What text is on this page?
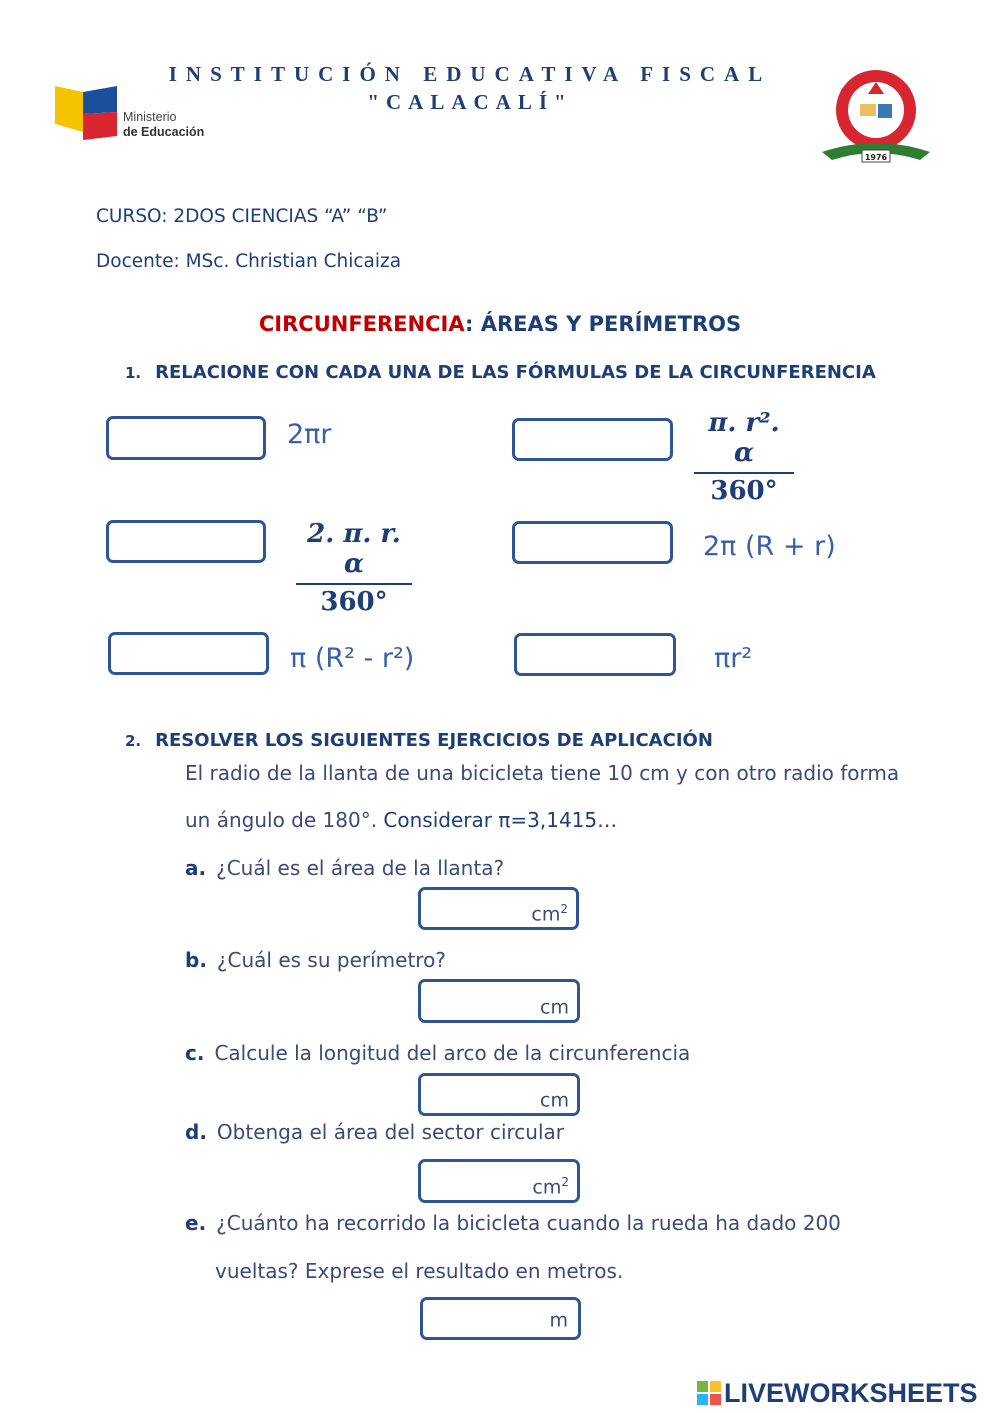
INSTITUCIÓN EDUCATIVA FISCAL
"CALACALÍ"
Ministerio
de Educación
1976
CURSO: 2DOS CIENCIAS “A” “B”
Docente: MSc. Christian Chicaiza
CIRCUNFERENCIA: ÁREAS Y PERÍMETROS
1. RELACIONE CON CADA UNA DE LAS FÓRMULAS DE LA CIRCUNFERENCIA
2πr	$\frac{\text{π. r². α}}{360^\circ}$
$\frac{2. \pi. r. \alpha}{360^\circ}$	2π (R + r)
π (R² - r²)	πr²
2. RESOLVER LOS SIGUIENTES EJERCICIOS DE APLICACIÓN
El radio de la llanta de una bicicleta tiene 10 cm y con otro radio forma
un ángulo de 180°. Considerar π=3,1415…
a. ¿Cuál es el área de la llanta?
$cm^2$
b. ¿Cuál es su perímetro?
cm
c. Calcule la longitud del arco de la circunferencia
cm
d. Obtenga el área del sector circular
$cm^2$
e. ¿Cuánto ha recorrido la bicicleta cuando la rueda ha dado 200
vueltas? Exprese el resultado en metros.
m
LIVEWORKSHEETS
